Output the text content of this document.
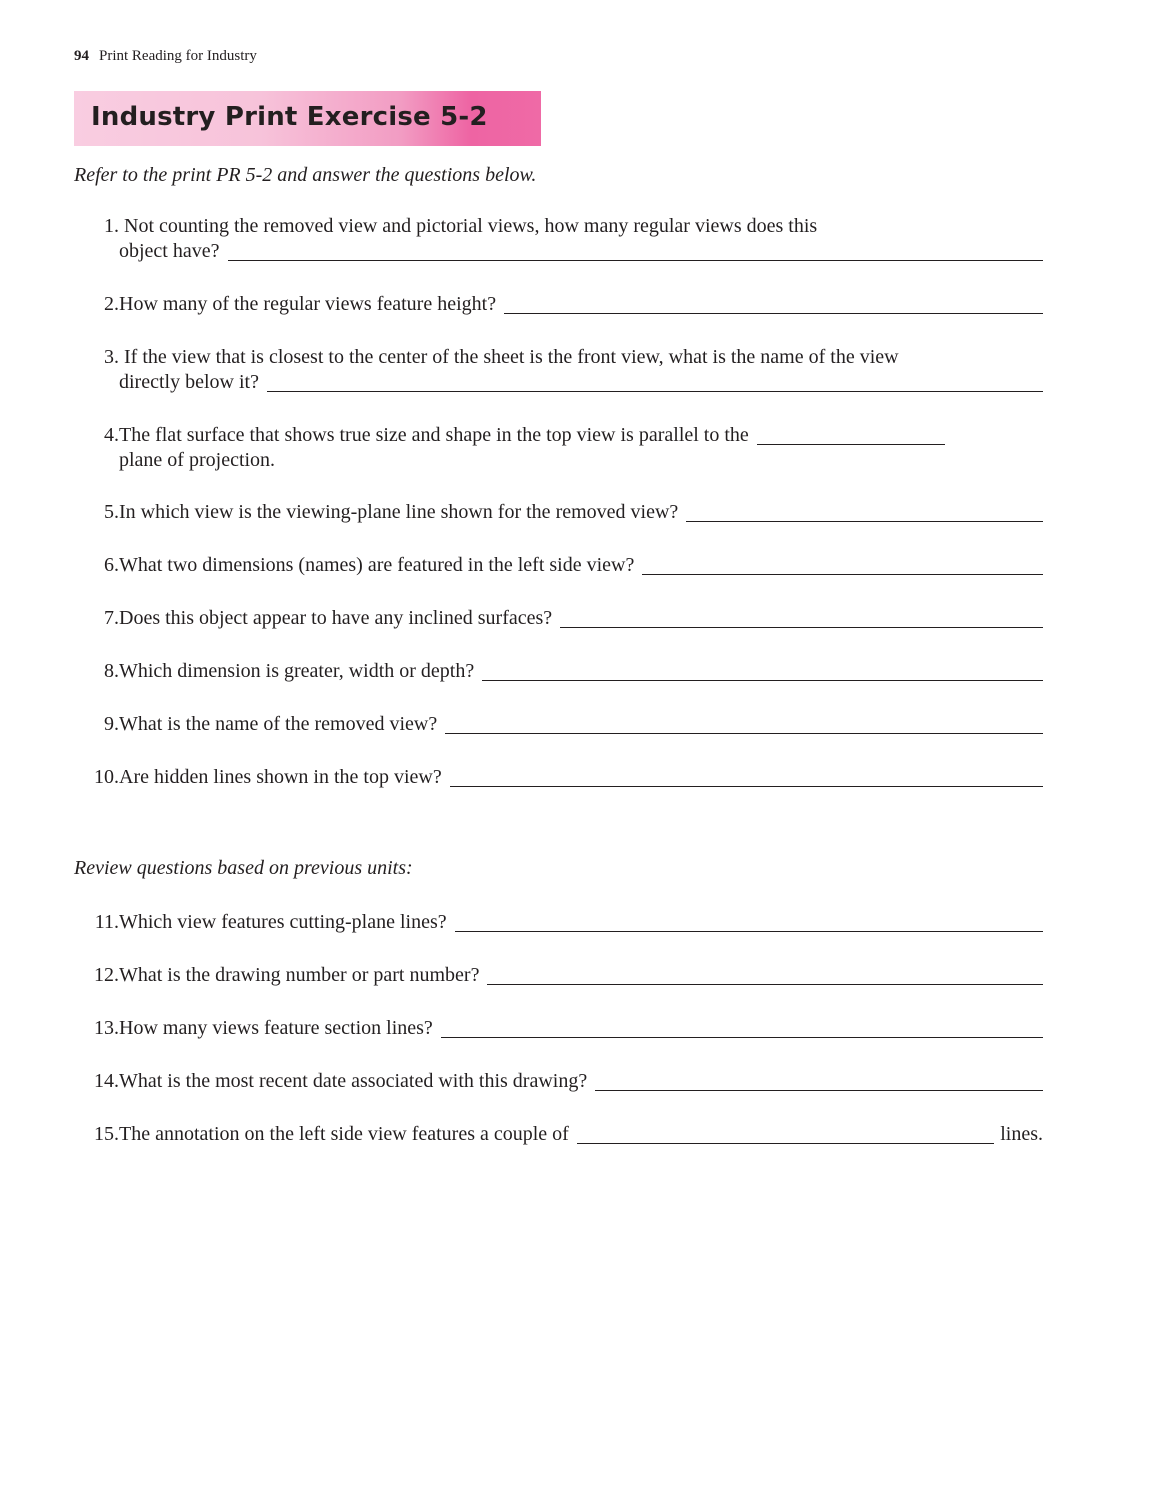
94 Print Reading for Industry
Industry Print Exercise 5-2
Refer to the print PR 5-2 and answer the questions below.
1. Not counting the removed view and pictorial views, how many regular views does this
object have?
2. How many of the regular views feature height?
3. If the view that is closest to the center of the sheet is the front view, what is the name of the view
directly below it?
4. The flat surface that shows true size and shape in the top view is parallel to the
plane of projection.
5. In which view is the viewing-plane line shown for the removed view?
6. What two dimensions (names) are featured in the left side view?
7. Does this object appear to have any inclined surfaces?
8. Which dimension is greater, width or depth?
9. What is the name of the removed view?
10. Are hidden lines shown in the top view?
Review questions based on previous units:
11. Which view features cutting-plane lines?
12. What is the drawing number or part number?
13. How many views feature section lines?
14. What is the most recent date associated with this drawing?
15. The annotation on the left side view features a couple of	lines.
